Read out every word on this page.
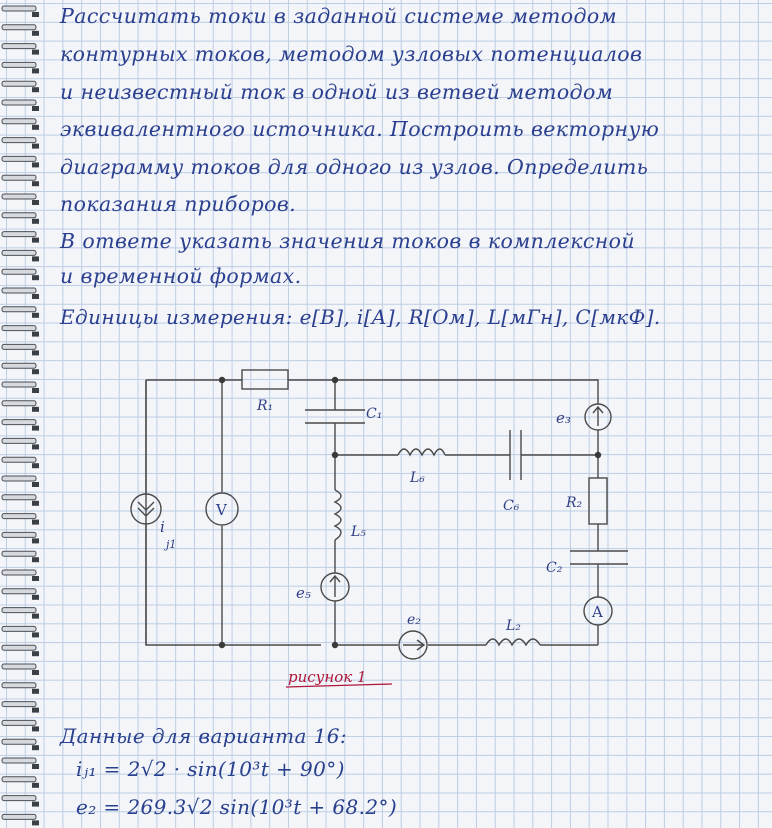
Рассчитать токи в заданной системе методом
контурных токов, методом узловых потенциалов
и неизвестный ток в одной из ветвей методом
эквивалентного источника. Построить векторную
диаграмму токов для одного из узлов. Определить
показания приборов.
В ответе указать значения токов в комплексной
и временной формах.
Единицы измерения: e[B], i[A], R[Ом], L[мГн], C[мкФ].
R₁	C₁	e₃
L₆
C₆	R₂
C₂
A
L₅
e₅
V
i
j1
e₂	L₂
рисунок 1
Данные для варианта 16:
iⱼ₁ = 2√2 · sin(10³t + 90°)
e₂ = 269.3√2 sin(10³t + 68.2°)
